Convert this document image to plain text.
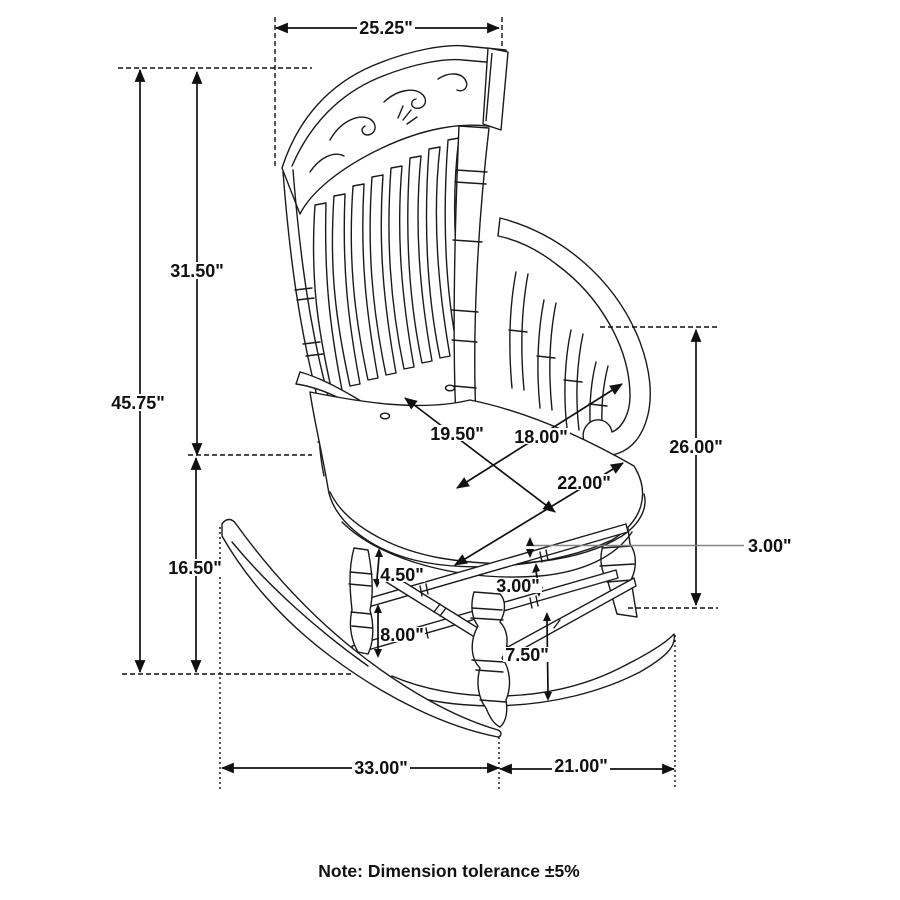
25.25"
45.75"
31.50"
16.50"
19.50" 18.00"
22.00"
26.00"
3.00"
3.00"
4.50"
8.00"
7.50"
33.00"	21.00"
Note: Dimension tolerance ±5%
